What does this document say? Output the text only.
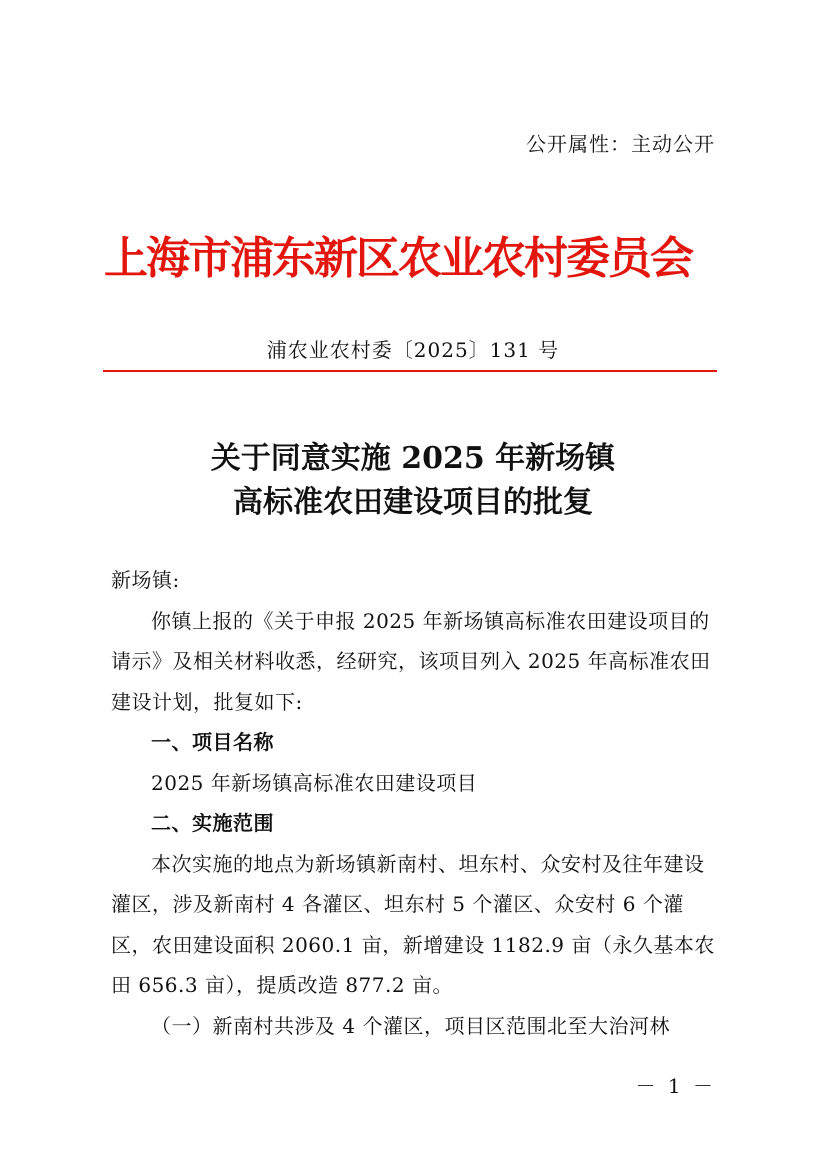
公开属性：主动公开
上海市浦东新区农业农村委员会
浦农业农村委〔2025〕131 号
关于同意实施 2025 年新场镇
高标准农田建设项目的批复

新场镇:

你镇上报的《关于申报 2025 年新场镇高标准农田建设项目的请示》及相关材料收悉，经研究，该项目列入 2025 年高标准农田建设计划，批复如下:

一、项目名称

2025 年新场镇高标准农田建设项目

二、实施范围

本次实施的地点为新场镇新南村、坦东村、众安村及往年建设灌区，涉及新南村 4 各灌区、坦东村 5 个灌区、众安村 6 个灌区，农田建设面积 2060.1 亩，新增建设 1182.9 亩（永久基本农田 656.3 亩），提质改造 877.2 亩。

（一）新南村共涉及 4 个灌区，项目区范围北至大治河林

－ 1 －
